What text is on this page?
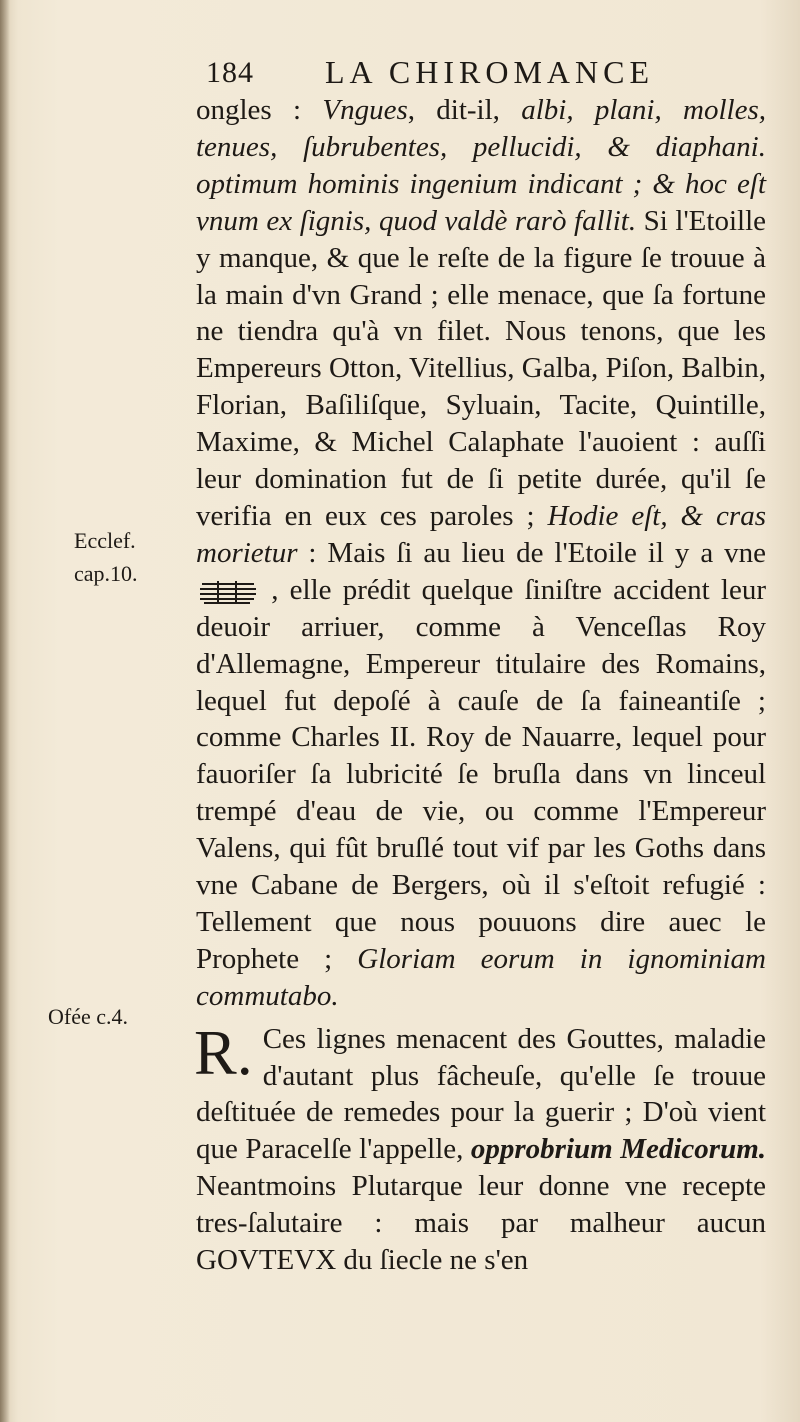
184 LA CHIROMANCE
Ecclef.
cap.10.
Ofée c.4.

ongles : Vngues, dit-il, albi, plani, molles, tenues, ſubrubentes, pellucidi, & diaphani. optimum hominis ingenium indicant ; & hoc eſt vnum ex ſignis, quod valdè rarò fallit. Si l'Etoille y manque, & que le reſte de la figure ſe trouue à la main d'vn Grand ; elle menace, que ſa fortune ne tiendra qu'à vn filet. Nous tenons, que les Empereurs Otton, Vitellius, Galba, Piſon, Balbin, Florian, Baſiliſque, Syluain, Tacite, Quintille, Maxime, & Michel Calaphate l'auoient : auſſi leur domination fut de ſi petite durée, qu'il ſe verifia en eux ces paroles ; Hodie eſt, & cras morietur : Mais ſi au lieu de l'Etoile il y a vne  , elle prédit quelque ſiniſtre accident leur deuoir arriuer, comme à Venceſlas Roy d'Allemagne, Empereur titulaire des Romains, lequel fut depoſé à cauſe de ſa faineantiſe ; comme Charles II. Roy de Nauarre, lequel pour fauoriſer ſa lubricité ſe bruſla dans vn linceul trempé d'eau de vie, ou comme l'Empereur Valens, qui fût bruſlé tout vif par les Goths dans vne Cabane de Bergers, où il s'eſtoit refugié : Tellement que nous pouuons dire auec le Prophete ; Gloriam eorum in ignominiam commutabo.

R. Ces lignes menacent des Gouttes, maladie d'autant plus fâcheuſe, qu'elle ſe trouue deſtituée de remedes pour la guerir ; D'où vient que Paracelſe l'appelle, opprobrium Medicorum. Neantmoins Plutarque leur donne vne recepte tres-ſalutaire : mais par malheur aucun GOVTEVX du ſiecle ne s'en
